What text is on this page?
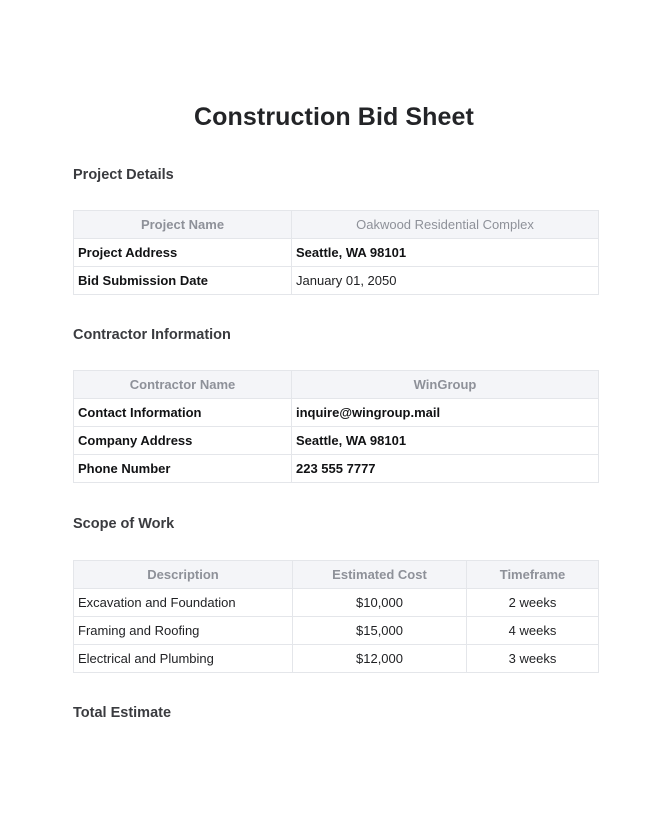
Construction Bid Sheet
Project Details
Project Name	Oakwood Residential Complex
Project Address	Seattle, WA 98101
Bid Submission Date	January 01, 2050
Contractor Information
Contractor Name	WinGroup
Contact Information	inquire@wingroup.mail
Company Address	Seattle, WA 98101
Phone Number	223 555 7777
Scope of Work
Description	Estimated Cost	Timeframe
Excavation and Foundation	$10,000	2 weeks
Framing and Roofing	$15,000	4 weeks
Electrical and Plumbing	$12,000	3 weeks
Total Estimate
